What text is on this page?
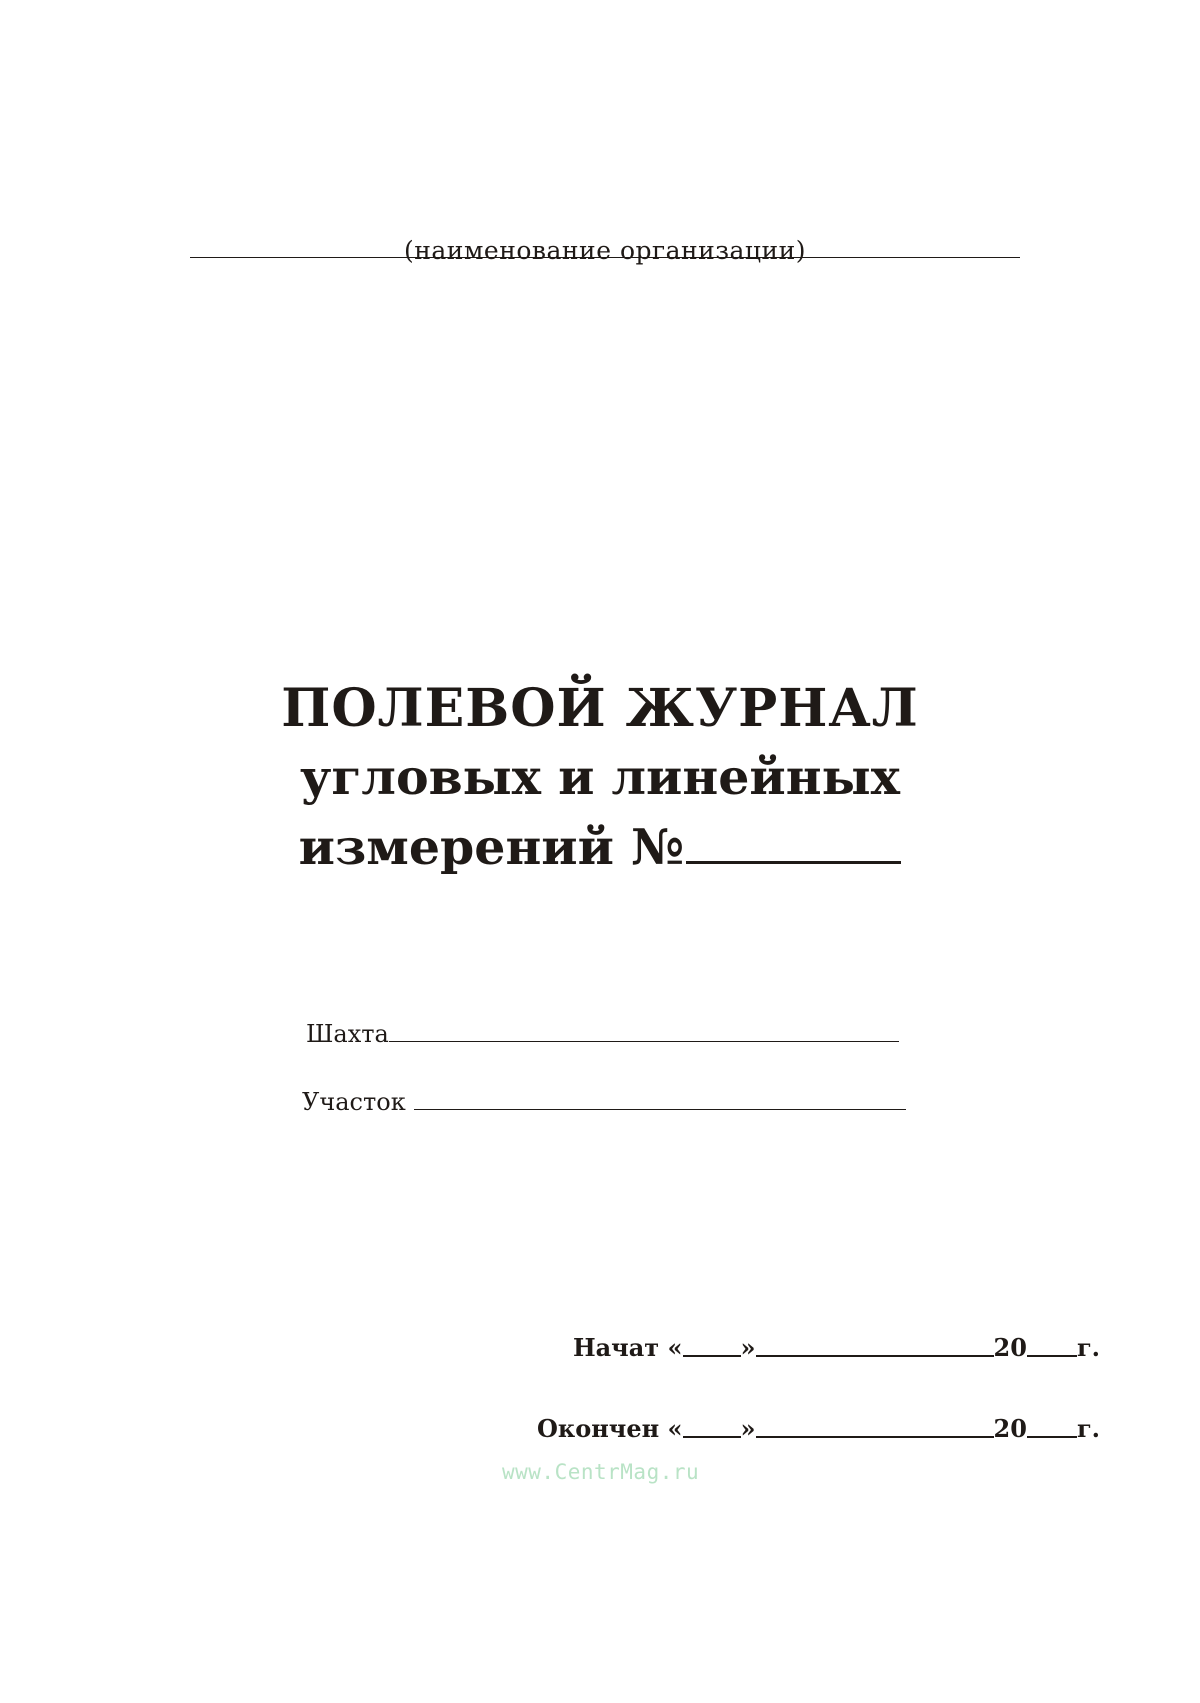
(наименование организации)
ПОЛЕВОЙ ЖУРНАЛ
угловых и линейных
измерений №
Шахта
Участок
Начат « »	20 г.
Окончен « »	20 г.
www.CentrMag.ru
